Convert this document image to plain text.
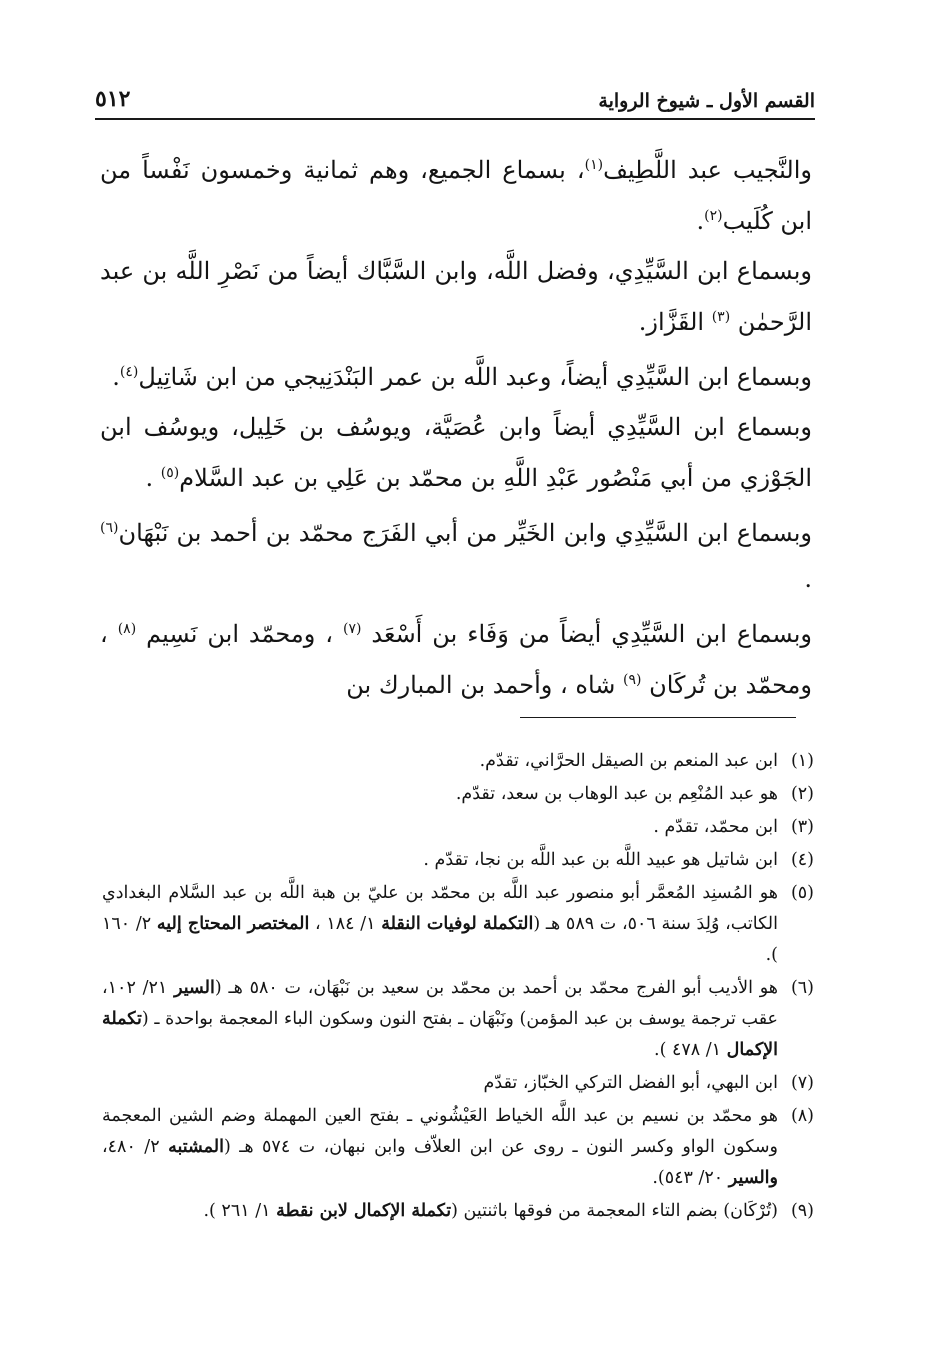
القسم الأول ـ شيوخ الرواية
٥١٢

والنَّجيب عبد اللَّطِيف$^{(١)}$، بسماع الجميع، وهم ثمانية وخمسون نَفْساً من ابن كُلَيب$^{(٢)}$.

وبسماع ابن السَّيِّدِي، وفضل اللَّه، وابن السَّبَّاك أيضاً من نَصْرِ اللَّه بن عبد الرَّحمٰن $^{(٣)}$ القَزَّاز.

وبسماع ابن السَّيِّدِي أيضاً، وعبد اللَّه بن عمر البَنْدَنِيجي من ابن شَاتِيل$^{(٤)}$.

وبسماع ابن السَّيِّدِي أيضاً وابن عُصَيَّة، ويوسُف بن خَلِيل، ويوسُف ابن الجَوْزي من أبي مَنْصُور عَبْدِ اللَّهِ بن محمّد بن عَلِي بن عبد السَّلام$^{(٥)}$ .

وبسماع ابن السَّيِّدِي وابن الخَيِّر من أبي الفَرَج محمّد بن أحمد بن نَبْهَان$^{(٦)}$ .

وبسماع ابن السَّيِّدِي أيضاً من وَفَاء بن أَسْعَد $^{(٧)}$ ، ومحمّد ابن نَسِيم $^{(٨)}$ ، ومحمّد بن تُركَان $^{(٩)}$ شاه ، وأحمد بن المبارك بن

(١)
ابن عبد المنعم بن الصيقل الحرَّاني، تقدّم.
(٢)
هو عبد المُنْعِم بن عبد الوهاب بن سعد، تقدّم.
(٣)
ابن محمّد، تقدّم .
(٤)
ابن شاتيل هو عبيد اللَّه بن عبد اللَّه بن نجا، تقدّم .
(٥)
هو المُسنِد المُعمَّر أبو منصور عبد اللَّه بن محمّد بن عليّ بن هبة اللَّه بن عبد السَّلام البغدادي الكاتب، وُلِدَ سنة ٥٠٦، ت ٥٨٩ هـ (التكملة لوفيات النقلة ١/ ١٨٤ ، المختصر المحتاج إليه ٢/ ١٦٠ ).
(٦)
هو الأديب أبو الفرج محمّد بن أحمد بن محمّد بن سعيد بن نَبْهَان، ت ٥٨٠ هـ (السير ٢١/ ١٠٢، عقب ترجمة يوسف بن عبد المؤمن) ونَبْهَان ـ بفتح النون وسكون الباء المعجمة بواحدة ـ (تكملة الإكمال ١/ ٤٧٨ ).
(٧)
ابن البهي، أبو الفضل التركي الخبّاز، تقدّم
(٨)
هو محمّد بن نسيم بن عبد اللَّه الخياط العَيْشُوني ـ بفتح العين المهملة وضم الشين المعجمة وسكون الواو وكسر النون ـ روى عن ابن العلاّف وابن نبهان، ت ٥٧٤ هـ (المشتبه ٢/ ٤٨٠، والسير ٢٠/ ٥٤٣).
(٩)
(تُرْكَان) بضم التاء المعجمة من فوقها باثنتين (تكملة الإكمال لابن نقطة ١/ ٢٦١ ).
